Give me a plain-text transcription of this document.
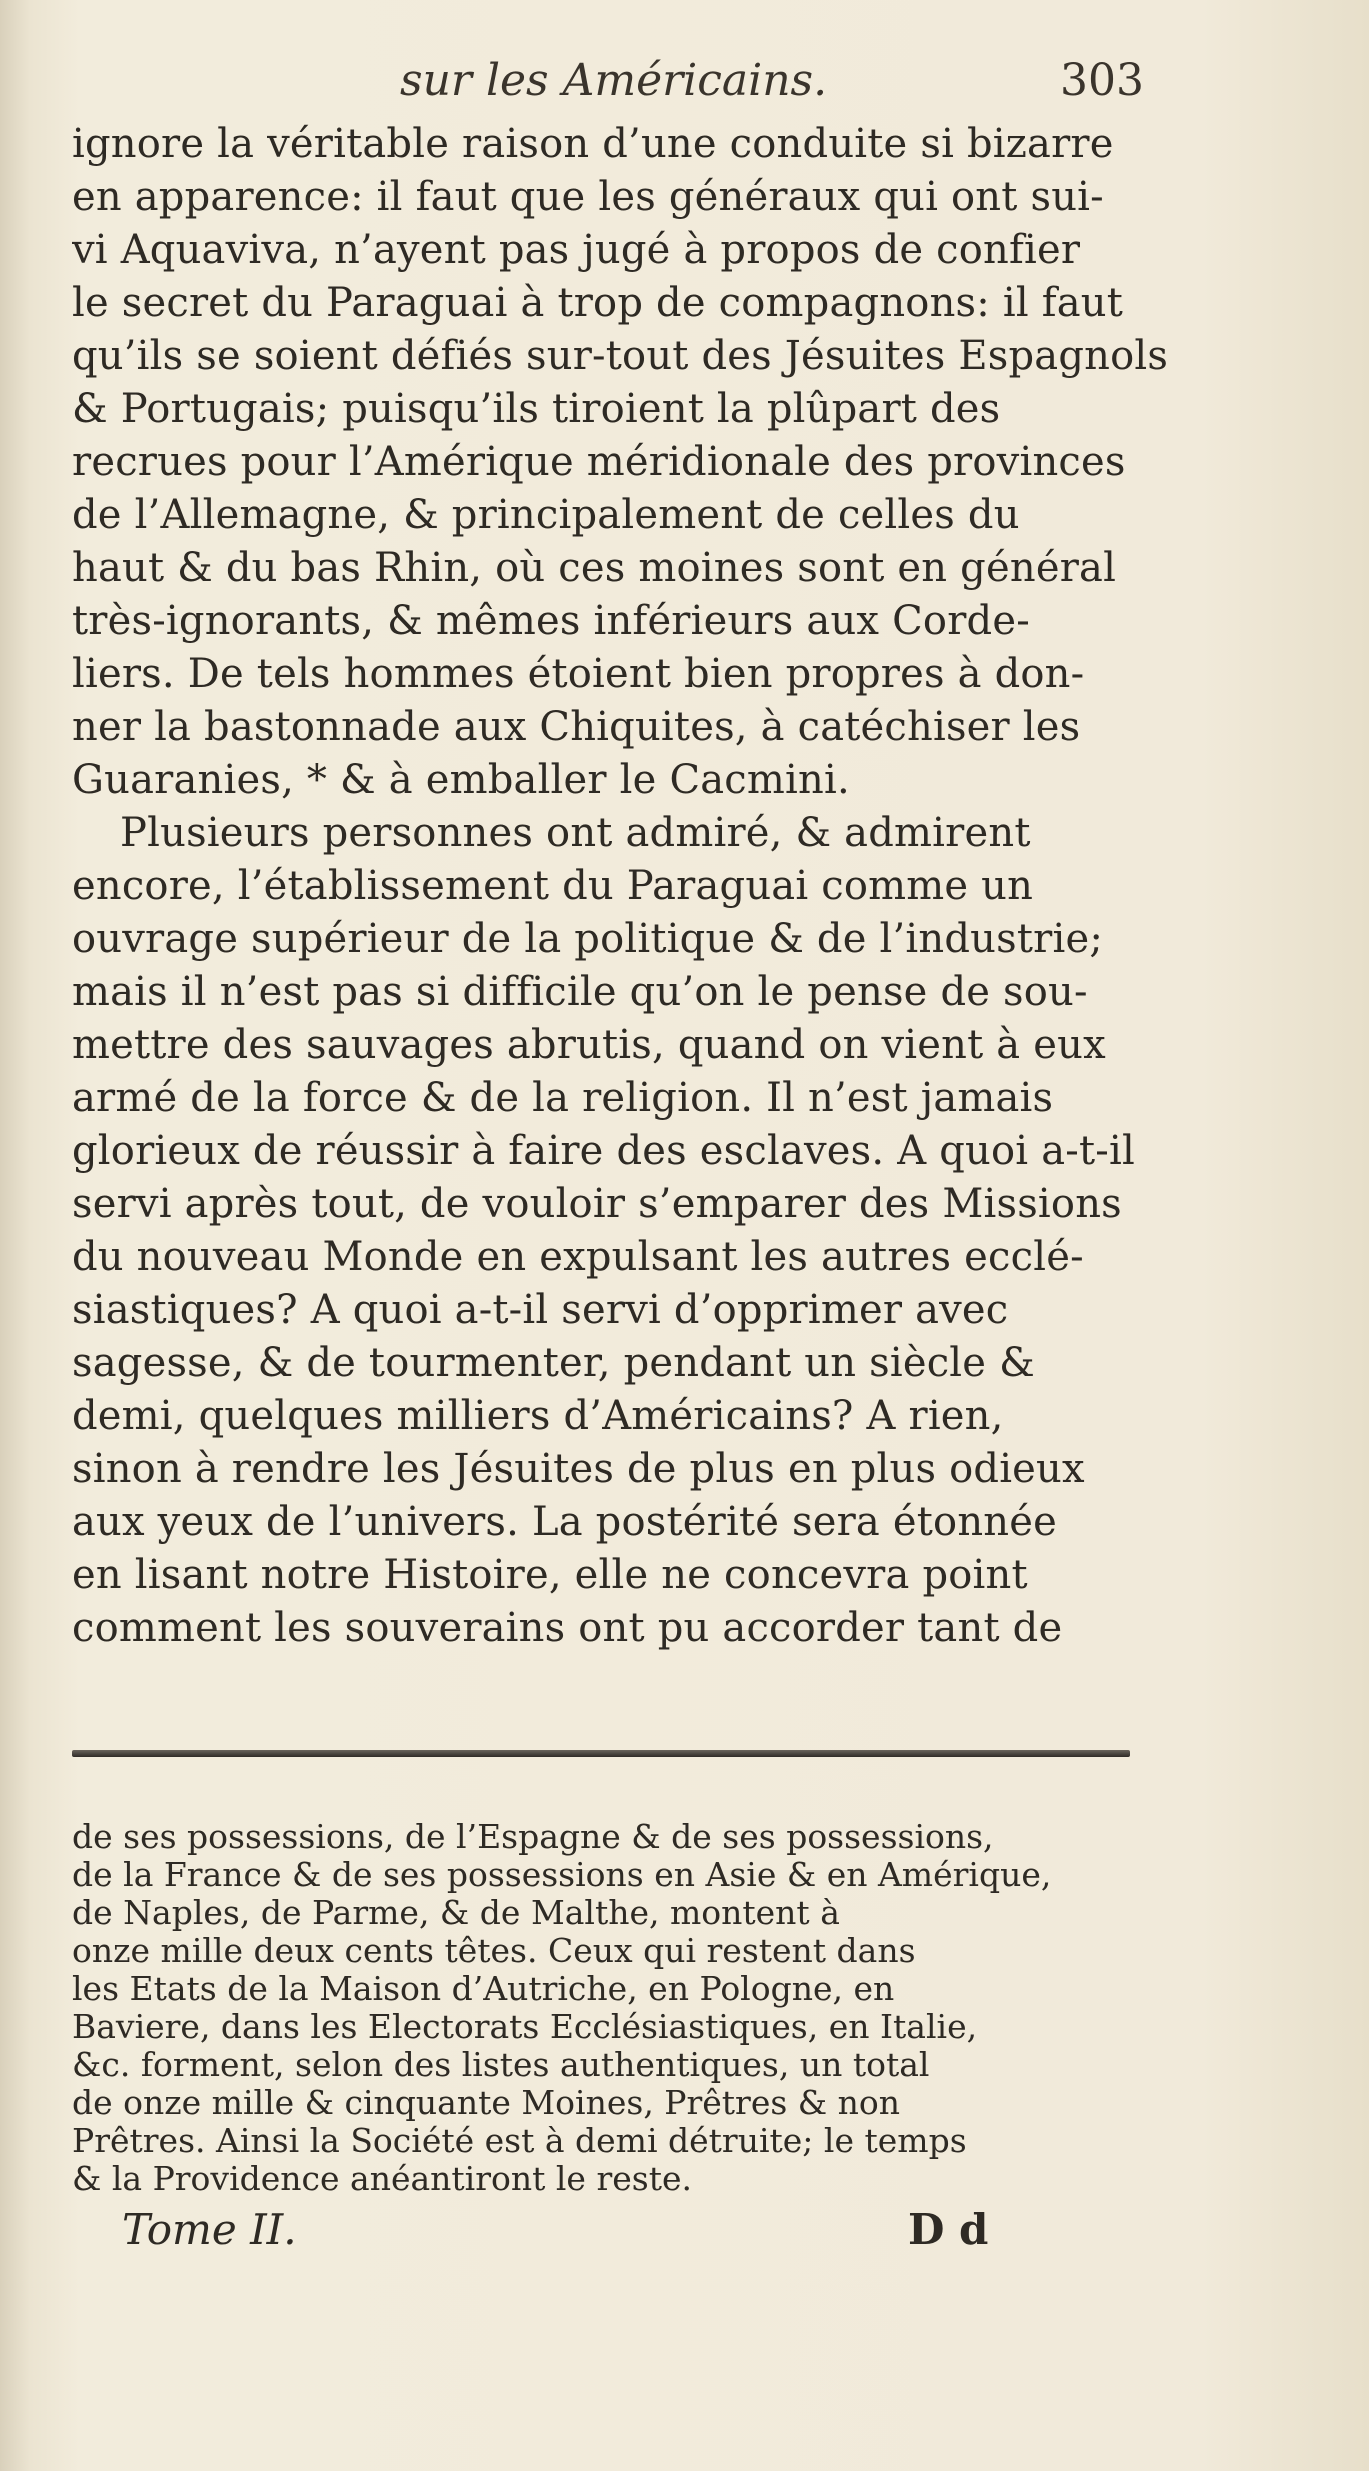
sur les Américains.	303
ignore la véritable raison d’une conduite si bizarre
en apparence: il faut que les généraux qui ont sui-
vi Aquaviva, n’ayent pas jugé à propos de confier
le secret du Paraguai à trop de compagnons: il faut
qu’ils se soient défiés sur-tout des Jésuites Espagnols
& Portugais; puisqu’ils tiroient la plûpart des
recrues pour l’Amérique méridionale des provinces
de l’Allemagne, & principalement de celles du
haut & du bas Rhin, où ces moines sont en général
très-ignorants, & mêmes inférieurs aux Corde-
liers. De tels hommes étoient bien propres à don-
ner la bastonnade aux Chiquites, à catéchiser les
Guaranies, * & à emballer le Cacmini.
Plusieurs personnes ont admiré, & admirent
encore, l’établissement du Paraguai comme un
ouvrage supérieur de la politique & de l’industrie;
mais il n’est pas si difficile qu’on le pense de sou-
mettre des sauvages abrutis, quand on vient à eux
armé de la force & de la religion. Il n’est jamais
glorieux de réussir à faire des esclaves. A quoi a-t-il
servi après tout, de vouloir s’emparer des Missions
du nouveau Monde en expulsant les autres ecclé-
siastiques? A quoi a-t-il servi d’opprimer avec
sagesse, & de tourmenter, pendant un siècle &
demi, quelques milliers d’Américains? A rien,
sinon à rendre les Jésuites de plus en plus odieux
aux yeux de l’univers. La postérité sera étonnée
en lisant notre Histoire, elle ne concevra point
comment les souverains ont pu accorder tant de
de ses possessions, de l’Espagne & de ses possessions,
de la France & de ses possessions en Asie & en Amérique,
de Naples, de Parme, & de Malthe, montent à
onze mille deux cents têtes. Ceux qui restent dans
les Etats de la Maison d’Autriche, en Pologne, en
Baviere, dans les Electorats Ecclésiastiques, en Italie,
&c. forment, selon des listes authentiques, un total
de onze mille & cinquante Moines, Prêtres & non
Prêtres. Ainsi la Société est à demi détruite; le temps
& la Providence anéantiront le reste.
Tome II.	D d
